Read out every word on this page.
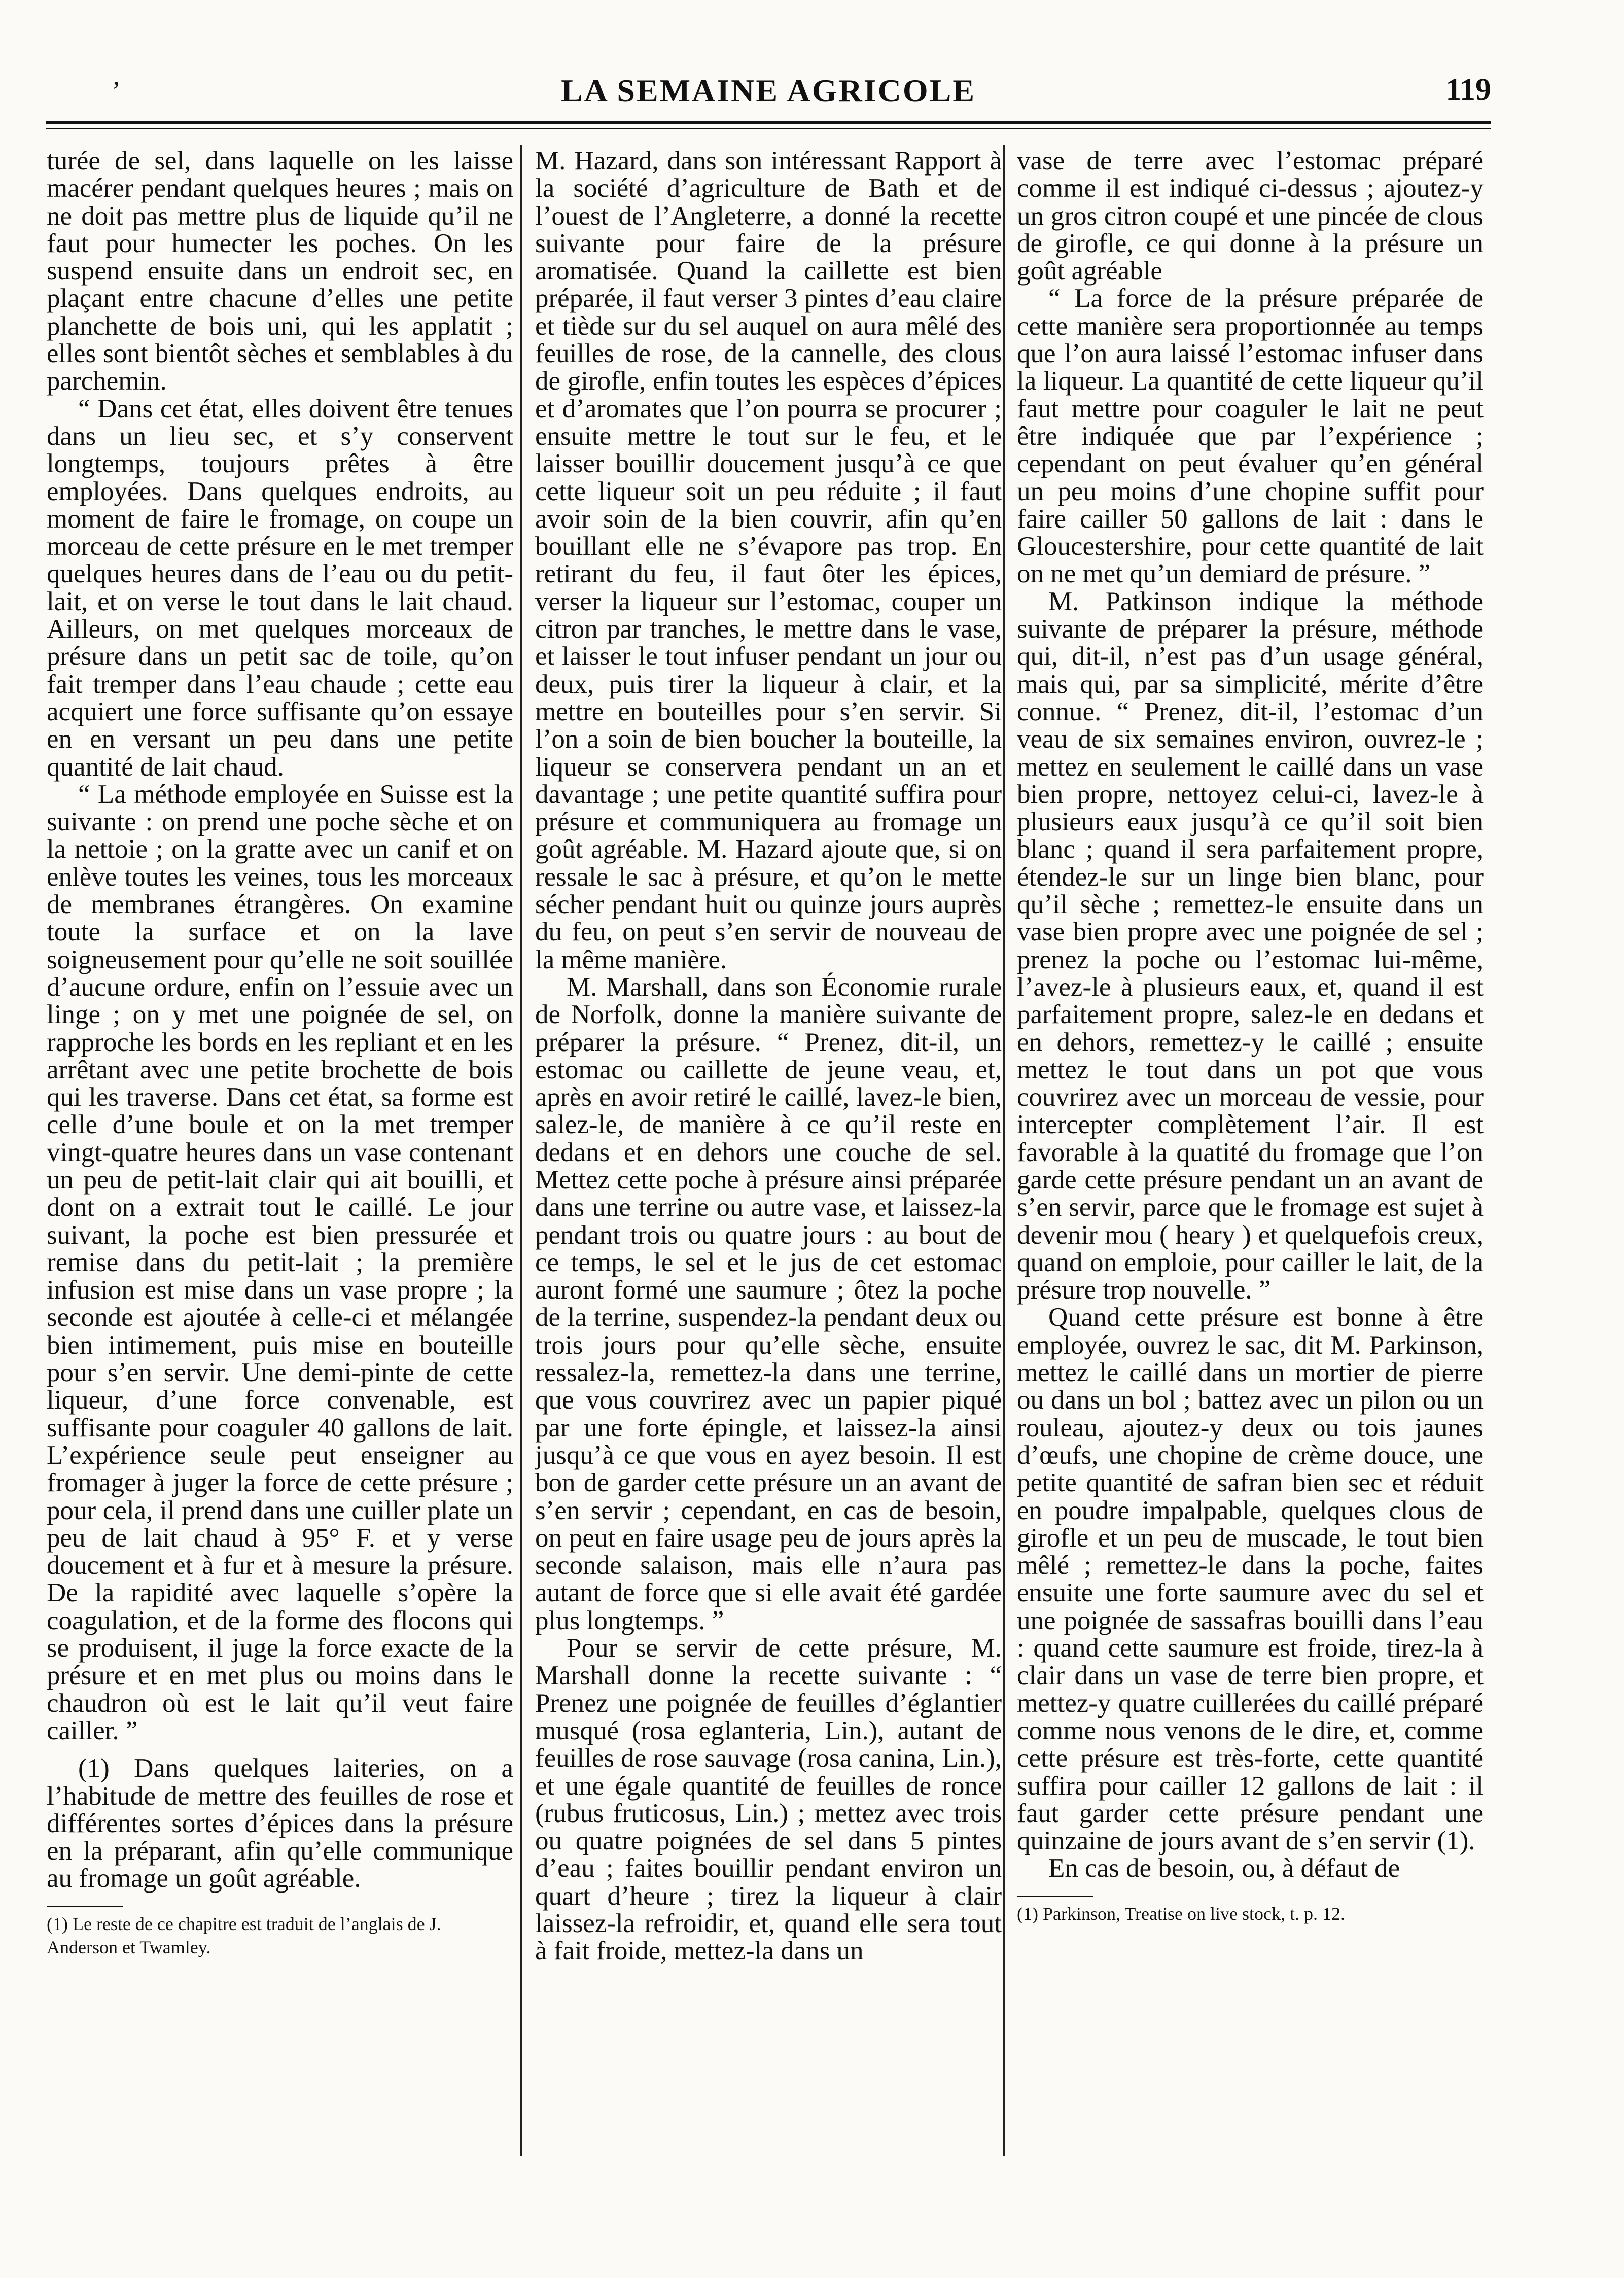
’	LA SEMAINE AGRICOLE	119

turée de sel, dans laquelle on les laisse macérer pendant quelques heures ; mais on ne doit pas mettre plus de liquide qu’il ne faut pour humecter les poches. On les suspend ensuite dans un endroit sec, en plaçant entre chacune d’elles une petite planchette de bois uni, qui les applatit ; elles sont bientôt sèches et semblables à du parchemin.

“ Dans cet état, elles doivent être tenues dans un lieu sec, et s’y conservent longtemps, toujours prêtes à être employées. Dans quelques endroits, au moment de faire le fromage, on coupe un morceau de cette présure en le met tremper quelques heures dans de l’eau ou du petit-lait, et on verse le tout dans le lait chaud. Ailleurs, on met quelques morceaux de présure dans un petit sac de toile, qu’on fait tremper dans l’eau chaude ; cette eau acquiert une force suffisante qu’on essaye en en versant un peu dans une petite quantité de lait chaud.

“ La méthode employée en Suisse est la suivante : on prend une poche sèche et on la nettoie ; on la gratte avec un canif et on enlève toutes les veines, tous les morceaux de membranes étrangères. On examine toute la surface et on la lave soigneusement pour qu’elle ne soit souillée d’aucune ordure, enfin on l’essuie avec un linge ; on y met une poignée de sel, on rapproche les bords en les repliant et en les arrêtant avec une petite brochette de bois qui les traverse. Dans cet état, sa forme est celle d’une boule et on la met tremper vingt-quatre heures dans un vase contenant un peu de petit-lait clair qui ait bouilli, et dont on a extrait tout le caillé. Le jour suivant, la poche est bien pressurée et remise dans du petit-lait ; la première infusion est mise dans un vase propre ; la seconde est ajoutée à celle-ci et mélangée bien intimement, puis mise en bouteille pour s’en servir. Une demi-pinte de cette liqueur, d’une force convenable, est suffisante pour coaguler 40 gallons de lait. L’expérience seule peut enseigner au fromager à juger la force de cette présure ; pour cela, il prend dans une cuiller plate un peu de lait chaud à 95° F. et y verse doucement et à fur et à mesure la présure. De la rapidité avec laquelle s’opère la coagulation, et de la forme des flocons qui se produisent, il juge la force exacte de la présure et en met plus ou moins dans le chaudron où est le lait qu’il veut faire cailler. ”

(1) Dans quelques laiteries, on a l’habitude de mettre des feuilles de rose et différentes sortes d’épices dans la présure en la préparant, afin qu’elle communique au fromage un goût agréable.

(1) Le reste de ce chapitre est traduit de l’anglais de J. Anderson et Twamley.

M. Hazard, dans son intéressant Rapport à la société d’agriculture de Bath et de l’ouest de l’Angleterre, a donné la recette suivante pour faire de la présure aromatisée. Quand la caillette est bien préparée, il faut verser 3 pintes d’eau claire et tiède sur du sel auquel on aura mêlé des feuilles de rose, de la cannelle, des clous de girofle, enfin toutes les espèces d’épices et d’aromates que l’on pourra se procurer ; ensuite mettre le tout sur le feu, et le laisser bouillir doucement jusqu’à ce que cette liqueur soit un peu réduite ; il faut avoir soin de la bien couvrir, afin qu’en bouillant elle ne s’évapore pas trop. En retirant du feu, il faut ôter les épices, verser la liqueur sur l’estomac, couper un citron par tranches, le mettre dans le vase, et laisser le tout infuser pendant un jour ou deux, puis tirer la liqueur à clair, et la mettre en bouteilles pour s’en servir. Si l’on a soin de bien boucher la bouteille, la liqueur se conservera pendant un an et davantage ; une petite quantité suffira pour présure et communiquera au fromage un goût agréable. M. Hazard ajoute que, si on ressale le sac à présure, et qu’on le mette sécher pendant huit ou quinze jours auprès du feu, on peut s’en servir de nouveau de la même manière.

M. Marshall, dans son Économie rurale de Norfolk, donne la manière suivante de préparer la présure. “ Prenez, dit-il, un estomac ou caillette de jeune veau, et, après en avoir retiré le caillé, lavez-le bien, salez-le, de manière à ce qu’il reste en dedans et en dehors une couche de sel. Mettez cette poche à présure ainsi préparée dans une terrine ou autre vase, et laissez-la pendant trois ou quatre jours : au bout de ce temps, le sel et le jus de cet estomac auront formé une saumure ; ôtez la poche de la terrine, suspendez-la pendant deux ou trois jours pour qu’elle sèche, ensuite ressalez-la, remettez-la dans une terrine, que vous couvrirez avec un papier piqué par une forte épingle, et laissez-la ainsi jusqu’à ce que vous en ayez besoin. Il est bon de garder cette présure un an avant de s’en servir ; cependant, en cas de besoin, on peut en faire usage peu de jours après la seconde salaison, mais elle n’aura pas autant de force que si elle avait été gardée plus longtemps. ”

Pour se servir de cette présure, M. Marshall donne la recette suivante : “ Prenez une poignée de feuilles d’églantier musqué (rosa eglanteria, Lin.), autant de feuilles de rose sauvage (rosa canina, Lin.), et une égale quantité de feuilles de ronce (rubus fruticosus, Lin.) ; mettez avec trois ou quatre poignées de sel dans 5 pintes d’eau ; faites bouillir pendant environ un quart d’heure ; tirez la liqueur à clair laissez-la refroidir, et, quand elle sera tout à fait froide, mettez-la dans un

vase de terre avec l’estomac préparé comme il est indiqué ci-dessus ; ajoutez-y un gros citron coupé et une pincée de clous de girofle, ce qui donne à la présure un goût agréable

“ La force de la présure préparée de cette manière sera proportionnée au temps que l’on aura laissé l’estomac infuser dans la liqueur. La quantité de cette liqueur qu’il faut mettre pour coaguler le lait ne peut être indiquée que par l’expérience ; cependant on peut évaluer qu’en général un peu moins d’une chopine suffit pour faire cailler 50 gallons de lait : dans le Gloucestershire, pour cette quantité de lait on ne met qu’un demiard de présure. ”

M. Patkinson indique la méthode suivante de préparer la présure, méthode qui, dit-il, n’est pas d’un usage général, mais qui, par sa simplicité, mérite d’être connue. “ Prenez, dit-il, l’estomac d’un veau de six semaines environ, ouvrez-le ; mettez en seulement le caillé dans un vase bien propre, nettoyez celui-ci, lavez-le à plusieurs eaux jusqu’à ce qu’il soit bien blanc ; quand il sera parfaitement propre, étendez-le sur un linge bien blanc, pour qu’il sèche ; remettez-le ensuite dans un vase bien propre avec une poignée de sel ; prenez la poche ou l’estomac lui-même, l’avez-le à plusieurs eaux, et, quand il est parfaitement propre, salez-le en dedans et en dehors, remettez-y le caillé ; ensuite mettez le tout dans un pot que vous couvrirez avec un morceau de vessie, pour intercepter complètement l’air. Il est favorable à la quatité du fromage que l’on garde cette présure pendant un an avant de s’en servir, parce que le fromage est sujet à devenir mou ( heary ) et quelquefois creux, quand on emploie, pour cailler le lait, de la présure trop nouvelle. ”

Quand cette présure est bonne à être employée, ouvrez le sac, dit M. Parkinson, mettez le caillé dans un mortier de pierre ou dans un bol ; battez avec un pilon ou un rouleau, ajoutez-y deux ou tois jaunes d’œufs, une chopine de crème douce, une petite quantité de safran bien sec et réduit en poudre impalpable, quelques clous de girofle et un peu de muscade, le tout bien mêlé ; remettez-le dans la poche, faites ensuite une forte saumure avec du sel et une poignée de sassafras bouilli dans l’eau : quand cette saumure est froide, tirez-la à clair dans un vase de terre bien propre, et mettez-y quatre cuillerées du caillé préparé comme nous venons de le dire, et, comme cette présure est très-forte, cette quantité suffira pour cailler 12 gallons de lait : il faut garder cette présure pendant une quinzaine de jours avant de s’en servir (1).

En cas de besoin, ou, à défaut de

(1) Parkinson, Treatise on live stock, t. p. 12.
